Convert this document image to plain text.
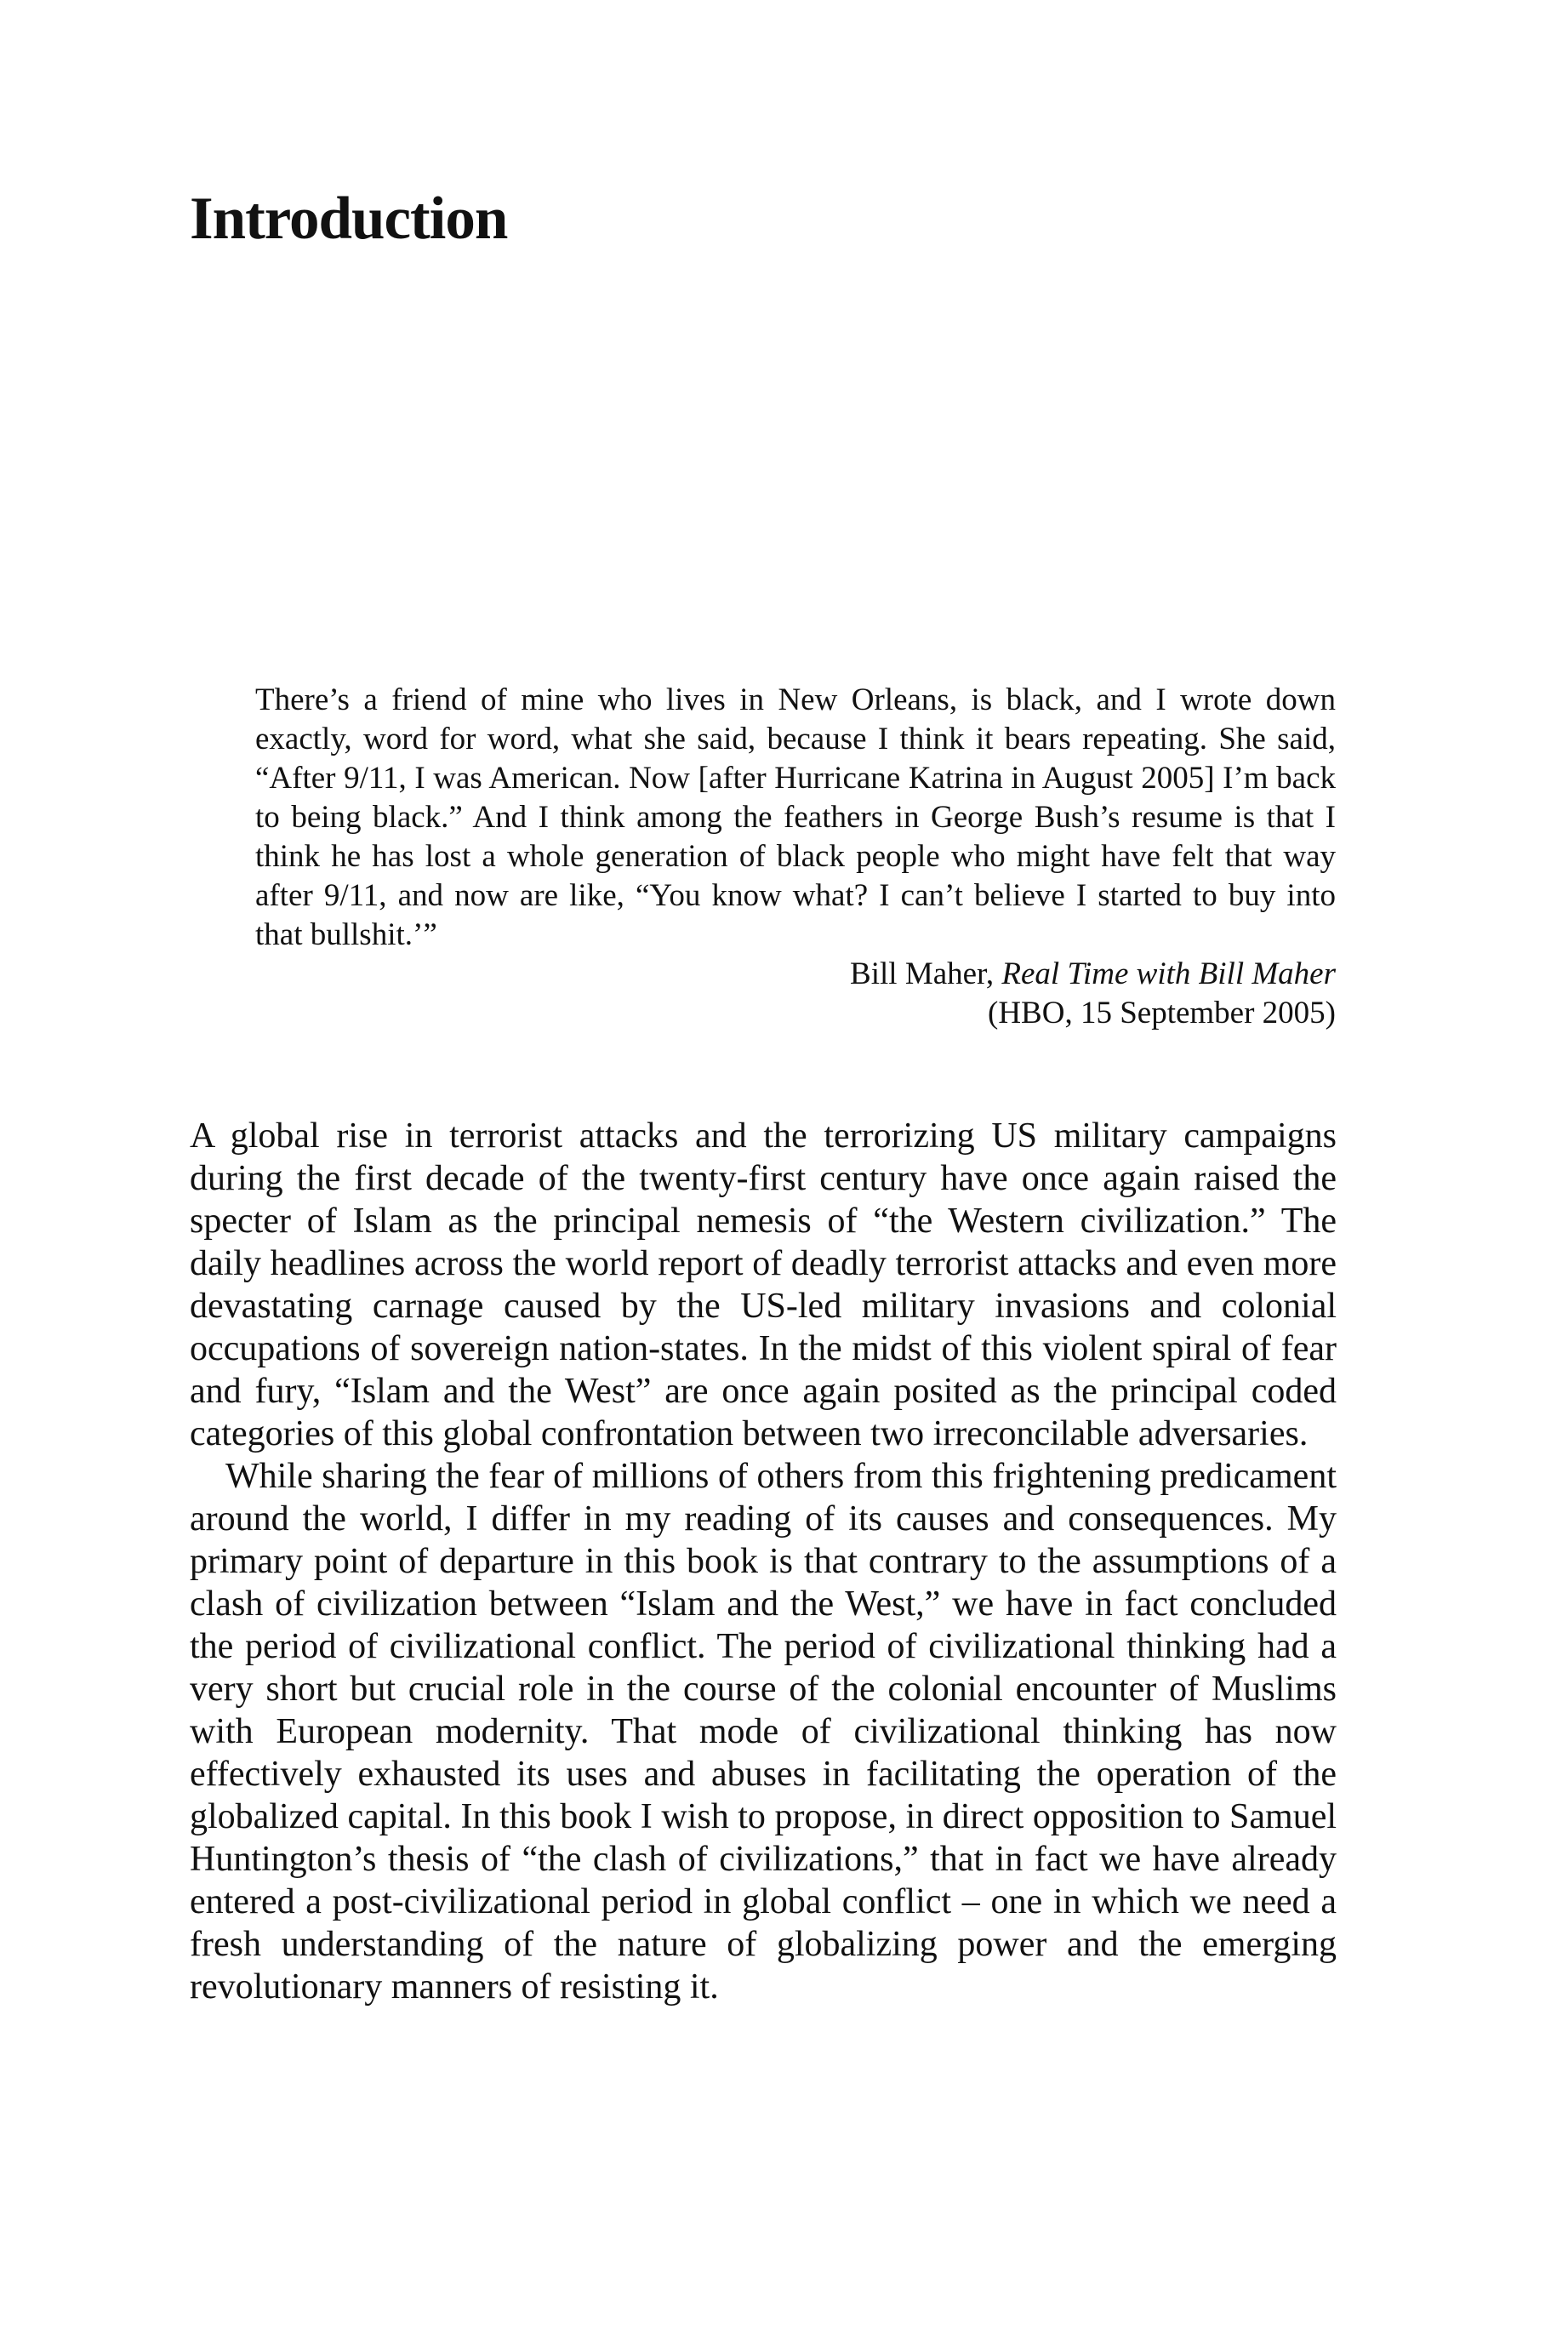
Introduction

There’s a friend of mine who lives in New Orleans, is black, and I wrote down exactly, word for word, what she said, because I think it bears repeating. She said, “After 9/11, I was American. Now [after Hurricane Katrina in August 2005] I’m back to being black.” And I think among the feathers in George Bush’s resume is that I think he has lost a whole generation of black people who might have felt that way after 9/11, and now are like, “You know what? I can’t believe I started to buy into that bullshit.’”

Bill Maher, Real Time with Bill Maher

(HBO, 15 September 2005)

A global rise in terrorist attacks and the terrorizing US military campaigns during the first decade of the twenty-first century have once again raised the specter of Islam as the principal nemesis of “the Western civilization.” The daily headlines across the world report of deadly terrorist attacks and even more devastating carnage caused by the US-led military invasions and colonial occupations of sovereign nation-states. In the midst of this violent spiral of fear and fury, “Islam and the West” are once again posited as the principal coded categories of this global confrontation between two irreconcilable adversaries.

While sharing the fear of millions of others from this frightening predicament around the world, I differ in my reading of its causes and consequences. My primary point of departure in this book is that contrary to the assumptions of a clash of civilization between “Islam and the West,” we have in fact concluded the period of civilizational conflict. The period of civilizational thinking had a very short but crucial role in the course of the colonial encounter of Muslims with European modernity. That mode of civilizational thinking has now effectively exhausted its uses and abuses in facilitating the operation of the globalized capital. In this book I wish to propose, in direct opposition to Samuel Huntington’s thesis of “the clash of civilizations,” that in fact we have already entered a post-civilizational period in global conflict – one in which we need a fresh understanding of the nature of globalizing power and the emerging revolutionary manners of resisting it.
